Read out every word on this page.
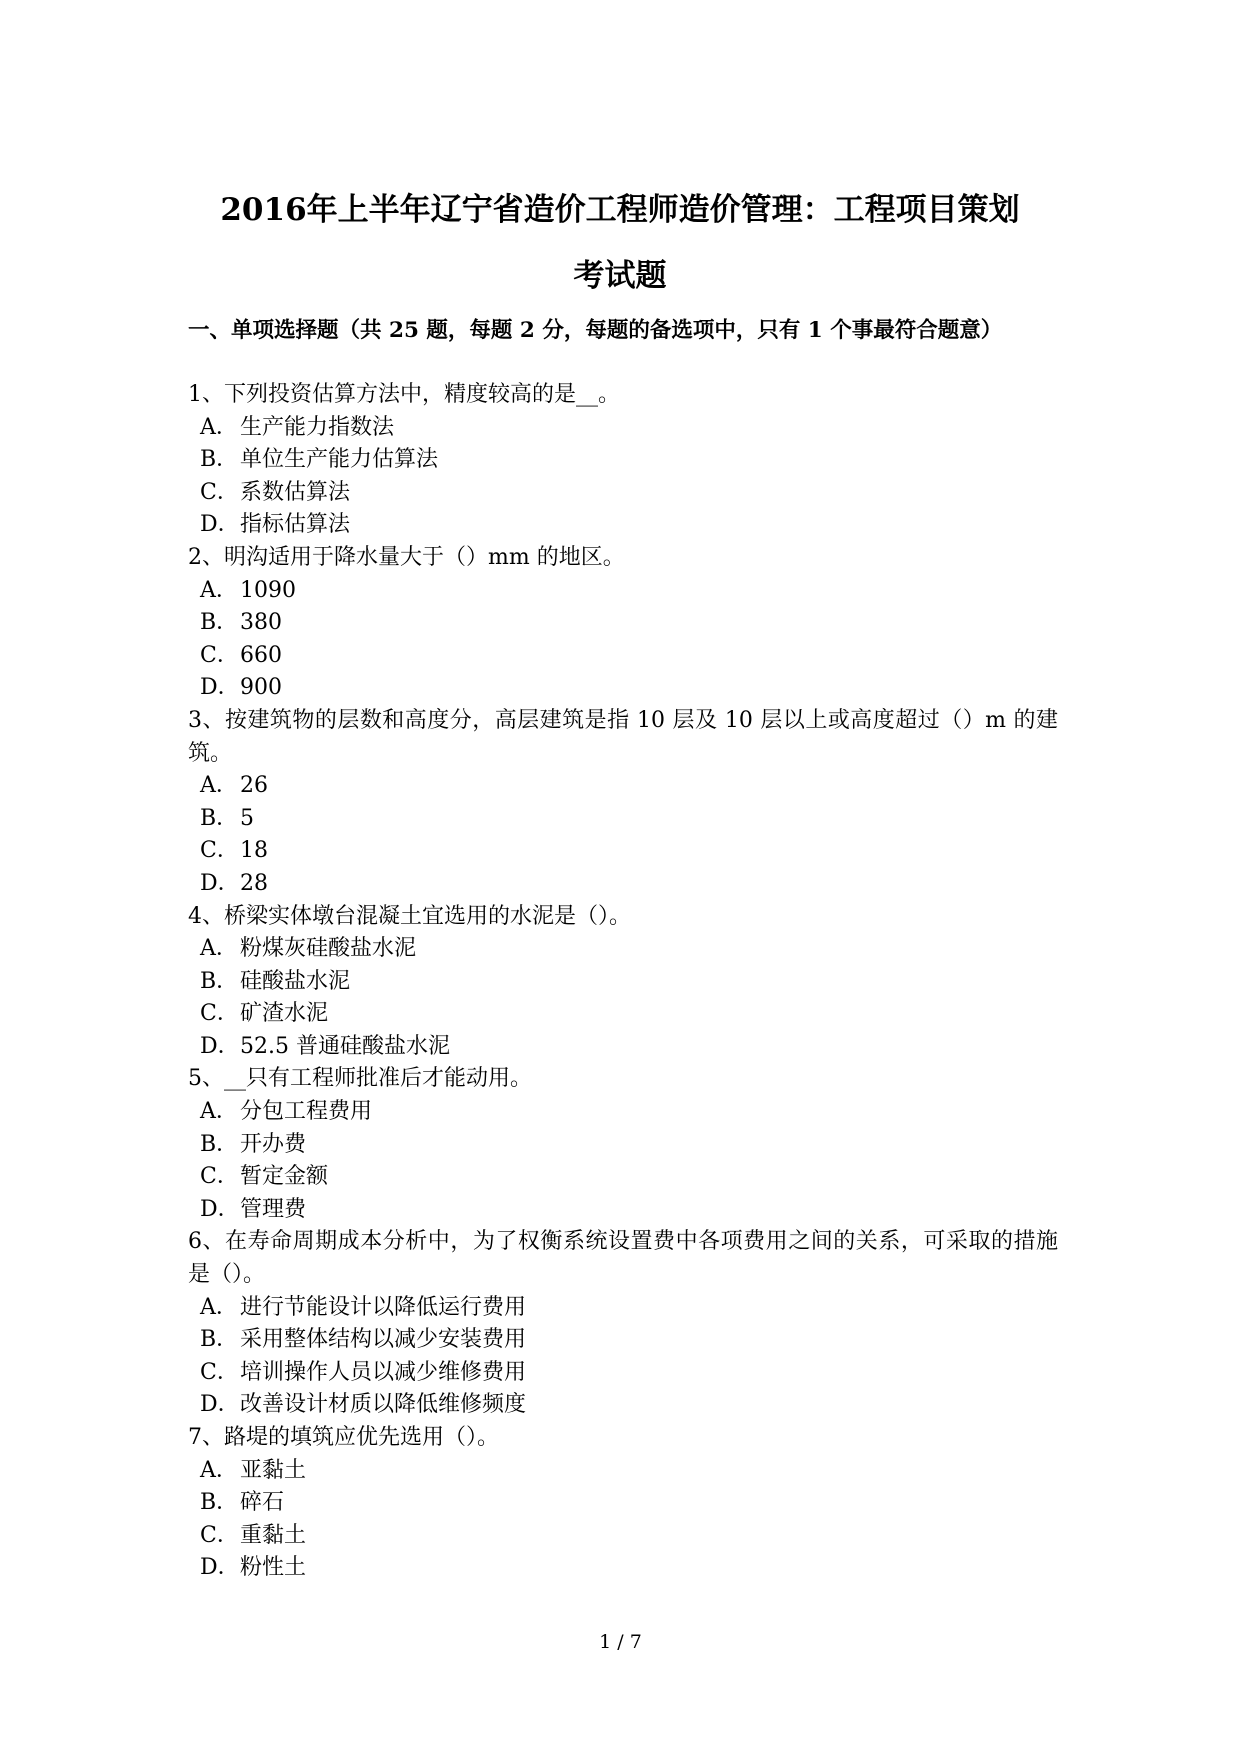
2016年上半年辽宁省造价工程师造价管理：工程项目策划
考试题
一、单项选择题（共 25 题，每题 2 分，每题的备选项中，只有 1 个事最符合题意）
1、下列投资估算方法中，精度较高的是__。
A．生产能力指数法
B．单位生产能力估算法
C．系数估算法
D．指标估算法
2、明沟适用于降水量大于（）mm 的地区。
A．1090
B．380
C．660
D．900
3、按建筑物的层数和高度分，高层建筑是指 10 层及 10 层以上或高度超过（）m 的建筑。
A．26
B．5
C．18
D．28
4、桥梁实体墩台混凝土宜选用的水泥是（）。
A．粉煤灰硅酸盐水泥
B．硅酸盐水泥
C．矿渣水泥
D．52.5 普通硅酸盐水泥
5、__只有工程师批准后才能动用。
A．分包工程费用
B．开办费
C．暂定金额
D．管理费
6、在寿命周期成本分析中，为了权衡系统设置费中各项费用之间的关系，可采取的措施是（）。
A．进行节能设计以降低运行费用
B．采用整体结构以减少安装费用
C．培训操作人员以减少维修费用
D．改善设计材质以降低维修频度
7、路堤的填筑应优先选用（）。
A．亚黏土
B．碎石
C．重黏土
D．粉性土
1 / 7
